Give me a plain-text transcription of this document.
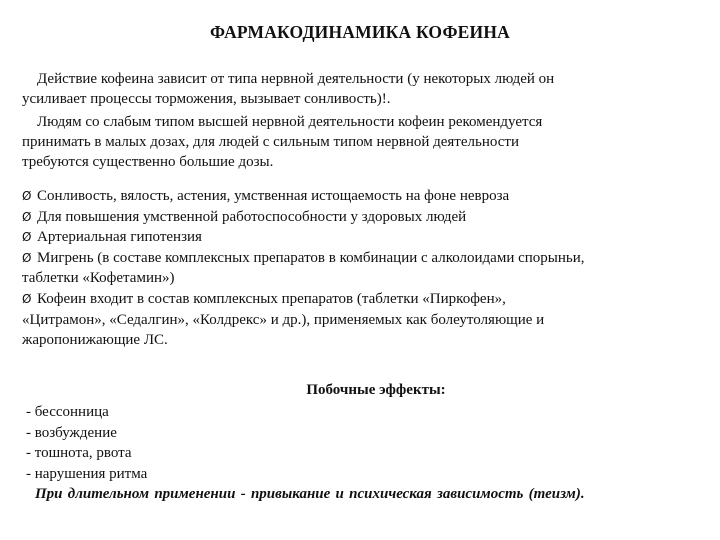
ФАРМАКОДИНАМИКА КОФЕИНА
Действие кофеина зависит от типа нервной деятельности (у некоторых людей он
усиливает процессы торможения, вызывает сонливость)!.
Людям со слабым типом высшей нервной деятельности кофеин рекомендуется
принимать в малых дозах, для людей с сильным типом нервной деятельности
требуются существенно большие дозы.
Ø Сонливость, вялость, астения, умственная истощаемость на фоне невроза
Ø Для повышения умственной работоспособности у здоровых людей
Ø Артериальная гипотензия
Ø Мигрень (в составе комплексных препаратов в комбинации с алколоидами спорыньи,
таблетки «Кофетамин»)
Ø Кофеин входит в состав комплексных препаратов (таблетки «Пиркофен»,
«Цитрамон», «Седалгин», «Колдрекс» и др.), применяемых как болеутоляющие и
жаропонижающие ЛС.
Побочные эффекты:
- бессонница
- возбуждение
- тошнота, рвота
- нарушения ритма
При длительном применении - привыкание и психическая зависимость (теизм).
